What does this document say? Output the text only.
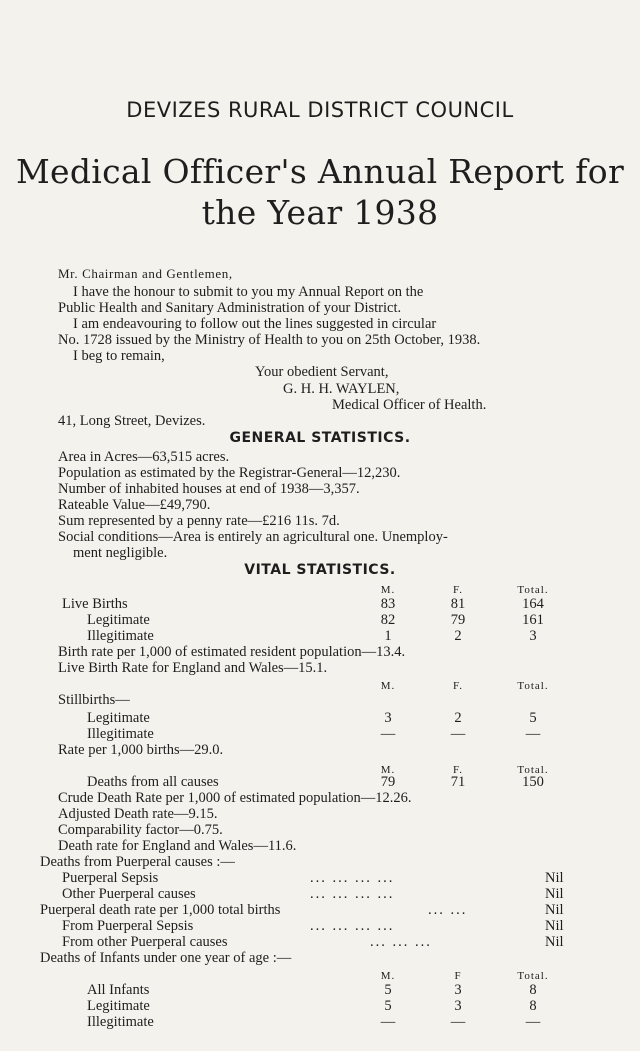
DEVIZES RURAL DISTRICT COUNCIL
Medical Officer's Annual Report for
the Year 1938
Mr. Chairman and Gentlemen,
I have the honour to submit to you my Annual Report on the
Public Health and Sanitary Administration of your District.
I am endeavouring to follow out the lines suggested in circular
No. 1728 issued by the Ministry of Health to you on 25th October, 1938.
I beg to remain,
Your obedient Servant,
G. H. H. WAYLEN,
Medical Officer of Health.
41, Long Street, Devizes.
GENERAL STATISTICS.
Area in Acres—63,515 acres.
Population as estimated by the Registrar-General—12,230.
Number of inhabited houses at end of 1938—3,357.
Rateable Value—£49,790.
Sum represented by a penny rate—£216 11s. 7d.
Social conditions—Area is entirely an agricultural one. Unemploy-
ment negligible.
VITAL STATISTICS.
M.	F.	Total.
Live Births	83	81	164
Legitimate	82	79	161
Illegitimate	1	2	3
Birth rate per 1,000 of estimated resident population—13.4.
Live Birth Rate for England and Wales—15.1.
M.	F.	Total.
Stillbirths—
Legitimate	3	2	5
Illegitimate	—	—	—
Rate per 1,000 births—29.0.
M.	F.	Total.
Deaths from all causes	79	71	150
Crude Death Rate per 1,000 of estimated population—12.26.
Adjusted Death rate—9.15.
Comparability factor—0.75.
Death rate for England and Wales—11.6.
Deaths from Puerperal causes :—
Puerperal Sepsis	... ... ... ...	Nil
Other Puerperal causes	... ... ... ...	Nil
Puerperal death rate per 1,000 total births	... ...	Nil
From Puerperal Sepsis	... ... ... ...	Nil
From other Puerperal causes	... ... ...	Nil
Deaths of Infants under one year of age :—
M.	F	Total.
All Infants	5	3	8
Legitimate	5	3	8
Illegitimate	—	—	—
